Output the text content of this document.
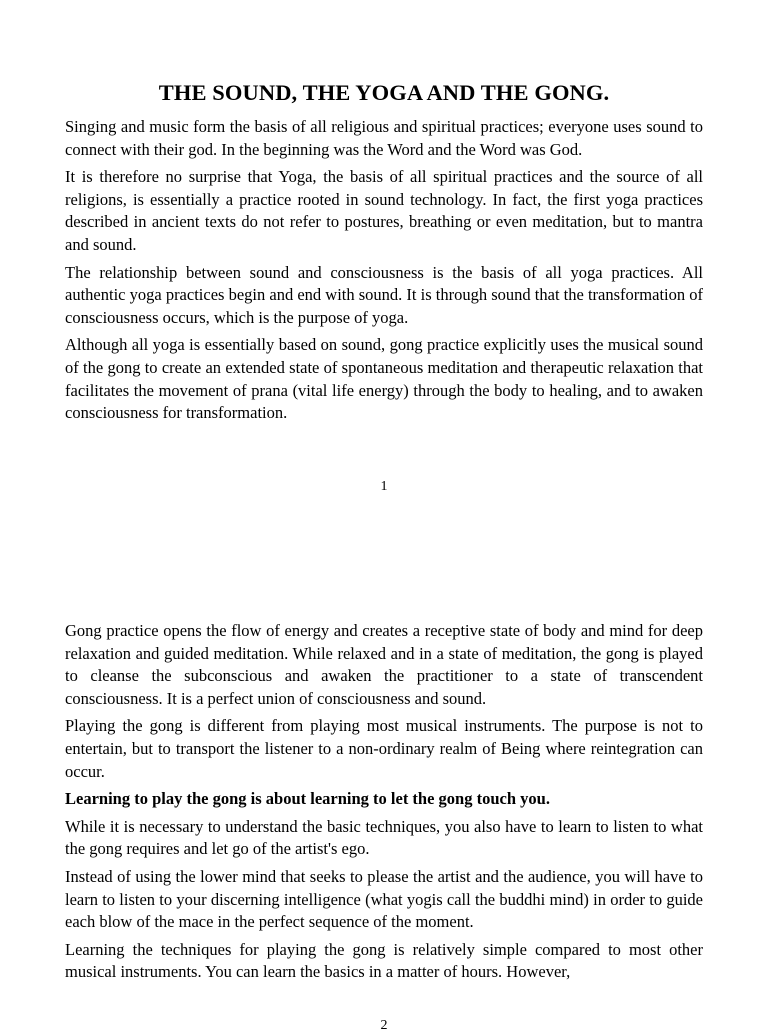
THE SOUND, THE YOGA AND THE GONG.

Singing and music form the basis of all religious and spiritual practices; everyone uses sound to connect with their god. In the beginning was the Word and the Word was God.

It is therefore no surprise that Yoga, the basis of all spiritual practices and the source of all religions, is essentially a practice rooted in sound technology. In fact, the first yoga practices described in ancient texts do not refer to postures, breathing or even meditation, but to mantra and sound.

The relationship between sound and consciousness is the basis of all yoga practices. All authentic yoga practices begin and end with sound. It is through sound that the transformation of consciousness occurs, which is the purpose of yoga.

Although all yoga is essentially based on sound, gong practice explicitly uses the musical sound of the gong to create an extended state of spontaneous meditation and therapeutic relaxation that facilitates the movement of prana (vital life energy) through the body to healing, and to awaken consciousness for transformation.

1

Gong practice opens the flow of energy and creates a receptive state of body and mind for deep relaxation and guided meditation. While relaxed and in a state of meditation, the gong is played to cleanse the subconscious and awaken the practitioner to a state of transcendent consciousness. It is a perfect union of consciousness and sound.

Playing the gong is different from playing most musical instruments. The purpose is not to entertain, but to transport the listener to a non-ordinary realm of Being where reintegration can occur.

Learning to play the gong is about learning to let the gong touch you.

While it is necessary to understand the basic techniques, you also have to learn to listen to what the gong requires and let go of the artist's ego.

Instead of using the lower mind that seeks to please the artist and the audience, you will have to learn to listen to your discerning intelligence (what yogis call the buddhi mind) in order to guide each blow of the mace in the perfect sequence of the moment.

Learning the techniques for playing the gong is relatively simple compared to most other musical instruments. You can learn the basics in a matter of hours. However,

2
